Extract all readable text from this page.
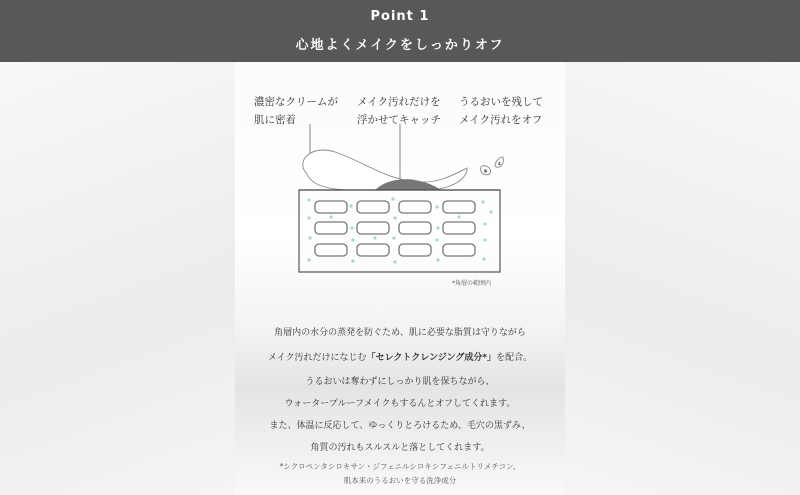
Point 1
心地よくメイクをしっかりオフ
濃密なクリームが
肌に密着
メイク汚れだけを
浮かせてキャッチ
うるおいを残して
メイク汚れをオフ
*角層の範囲内
角層内の水分の蒸発を防ぐため、肌に必要な脂質は守りながら
メイク汚れだけになじむ「セレクトクレンジング成分*」を配合。
うるおいは奪わずにしっかり肌を保ちながら、
ウォータープルーフメイクもするんとオフしてくれます。
また、体温に反応して、ゆっくりとろけるため、毛穴の黒ずみ、
角質の汚れもスルスルと落としてくれます。
*シクロペンタシロキサン・ジフェニルシロキシフェニルトリメチコン、
肌本来のうるおいを守る洗浄成分
